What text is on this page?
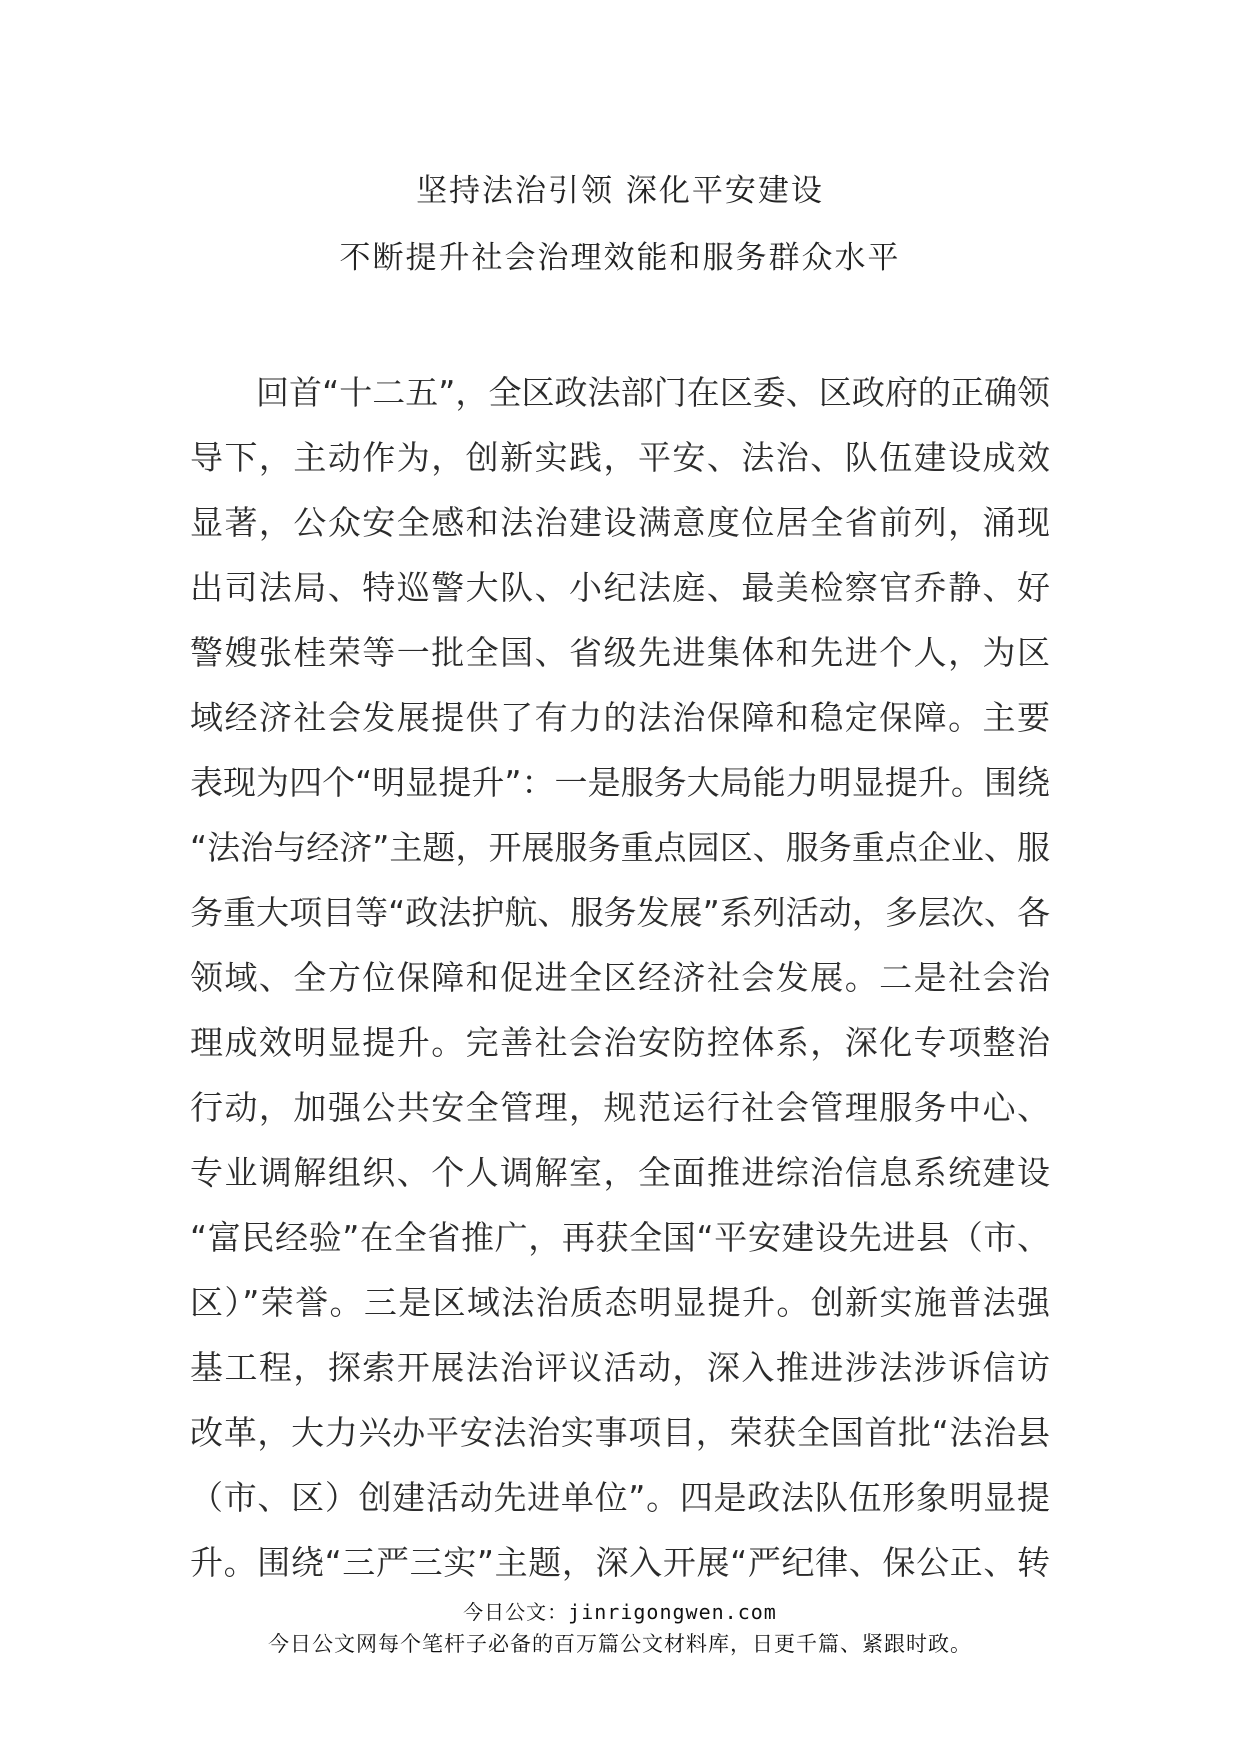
坚持法治引领 深化平安建设
不断提升社会治理效能和服务群众水平
回首“十二五”，全区政法部门在区委、区政府的正确领
导下，主动作为，创新实践，平安、法治、队伍建设成效
显著，公众安全感和法治建设满意度位居全省前列，涌现
出司法局、特巡警大队、小纪法庭、最美检察官乔静、好
警嫂张桂荣等一批全国、省级先进集体和先进个人，为区
域经济社会发展提供了有力的法治保障和稳定保障。主要
表现为四个“明显提升”：一是服务大局能力明显提升。围绕
“法治与经济”主题，开展服务重点园区、服务重点企业、服
务重大项目等“政法护航、服务发展”系列活动，多层次、各
领域、全方位保障和促进全区经济社会发展。二是社会治
理成效明显提升。完善社会治安防控体系，深化专项整治
行动，加强公共安全管理，规范运行社会管理服务中心、
专业调解组织、个人调解室，全面推进综治信息系统建设
“富民经验”在全省推广，再获全国“平安建设先进县（市、
区）”荣誉。三是区域法治质态明显提升。创新实施普法强
基工程，探索开展法治评议活动，深入推进涉法涉诉信访
改革，大力兴办平安法治实事项目，荣获全国首批“法治县
（市、区）创建活动先进单位”。四是政法队伍形象明显提
升。围绕“三严三实”主题，深入开展“严纪律、保公正、转
今日公文：jinrigongwen.com
今日公文网每个笔杆子必备的百万篇公文材料库，日更千篇、紧跟时政。
